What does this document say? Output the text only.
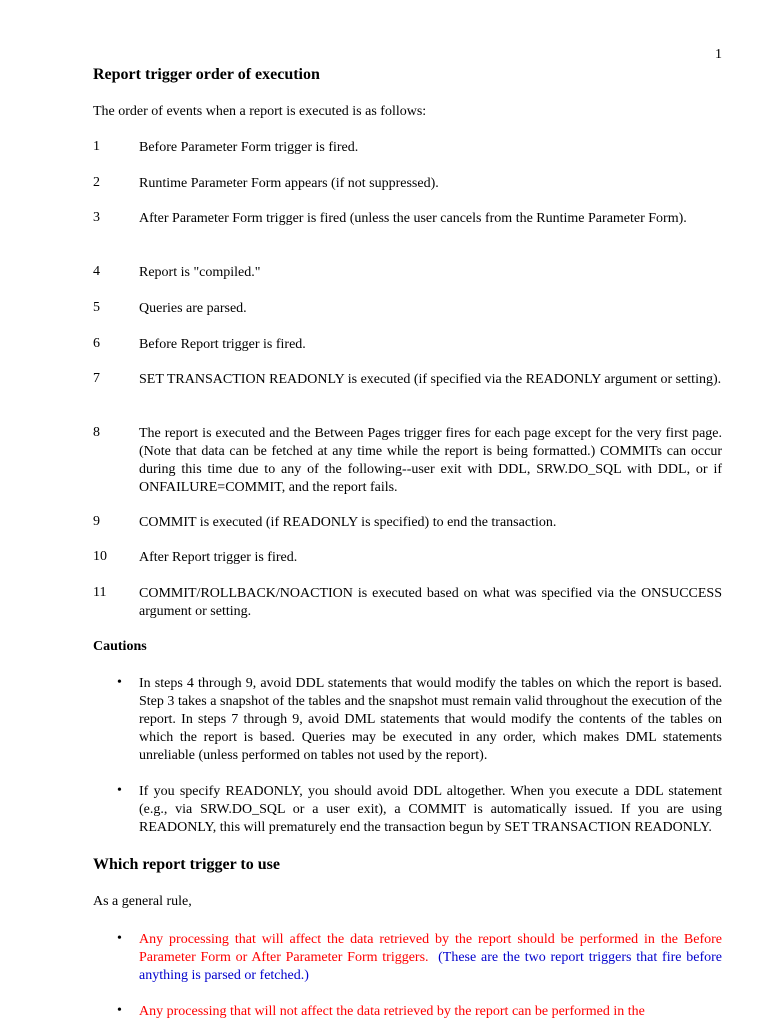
1
Report trigger order of execution
The order of events when a report is executed is as follows:
1	Before Parameter Form trigger is fired.
2	Runtime Parameter Form appears (if not suppressed).
3	After Parameter Form trigger is fired (unless the user cancels from the Runtime Parameter Form).
4	Report is "compiled."
5	Queries are parsed.
6	Before Report trigger is fired.
7	SET TRANSACTION READONLY is executed (if specified via the READONLY argument or setting).
8	The report is executed and the Between Pages trigger fires for each page except for the very first page. (Note that data can be fetched at any time while the report is being formatted.) COMMITs can occur during this time due to any of the following--user exit with DDL, SRW.DO_SQL with DDL, or if ONFAILURE=COMMIT, and the report fails.
9	COMMIT is executed (if READONLY is specified) to end the transaction.
10 After Report trigger is fired.
11 COMMIT/ROLLBACK/NOACTION is executed based on what was specified via the ONSUCCESS argument or setting.
Cautions
• In steps 4 through 9, avoid DDL statements that would modify the tables on which the report is based. Step 3 takes a snapshot of the tables and the snapshot must remain valid throughout the execution of the report. In steps 7 through 9, avoid DML statements that would modify the contents of the tables on which the report is based. Queries may be executed in any order, which makes DML statements unreliable (unless performed on tables not used by the report).
• If you specify READONLY, you should avoid DDL altogether. When you execute a DDL statement (e.g., via SRW.DO_SQL or a user exit), a COMMIT is automatically issued. If you are using READONLY, this will prematurely end the transaction begun by SET TRANSACTION READONLY.
Which report trigger to use
As a general rule,
• Any processing that will affect the data retrieved by the report should be performed in the Before Parameter Form or After Parameter Form triggers. (These are the two report triggers that fire before anything is parsed or fetched.)
• Any processing that will not affect the data retrieved by the report can be performed in the
